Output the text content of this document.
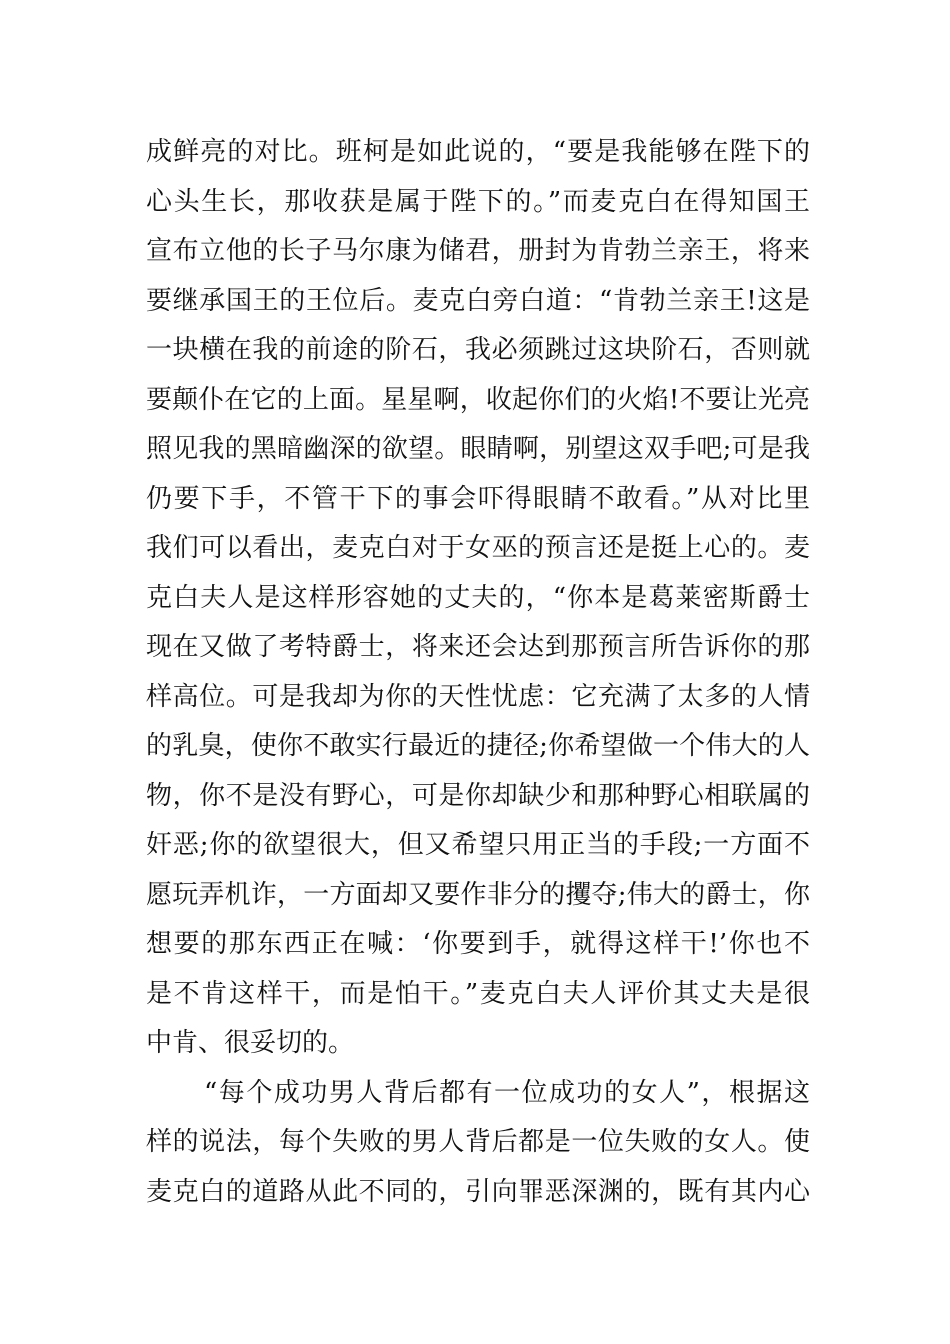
成鲜亮的对比。班柯是如此说的，“要是我能够在陛下的
心头生长，那收获是属于陛下的。”而麦克白在得知国王
宣布立他的长子马尔康为储君，册封为肯勃兰亲王，将来
要继承国王的王位后。麦克白旁白道：“肯勃兰亲王!这是
一块横在我的前途的阶石，我必须跳过这块阶石，否则就
要颠仆在它的上面。星星啊，收起你们的火焰!不要让光亮
照见我的黑暗幽深的欲望。眼睛啊，别望这双手吧;可是我
仍要下手，不管干下的事会吓得眼睛不敢看。”从对比里
我们可以看出，麦克白对于女巫的预言还是挺上心的。麦
克白夫人是这样形容她的丈夫的，“你本是葛莱密斯爵士
现在又做了考特爵士，将来还会达到那预言所告诉你的那
样高位。可是我却为你的天性忧虑：它充满了太多的人情
的乳臭，使你不敢实行最近的捷径;你希望做一个伟大的人
物，你不是没有野心，可是你却缺少和那种野心相联属的
奸恶;你的欲望很大，但又希望只用正当的手段;一方面不
愿玩弄机诈，一方面却又要作非分的攫夺;伟大的爵士，你
想要的那东西正在喊：‘你要到手，就得这样干!’你也不
是不肯这样干，而是怕干。”麦克白夫人评价其丈夫是很
中肯、很妥切的。
“每个成功男人背后都有一位成功的女人”，根据这
样的说法，每个失败的男人背后都是一位失败的女人。使
麦克白的道路从此不同的，引向罪恶深渊的，既有其内心
